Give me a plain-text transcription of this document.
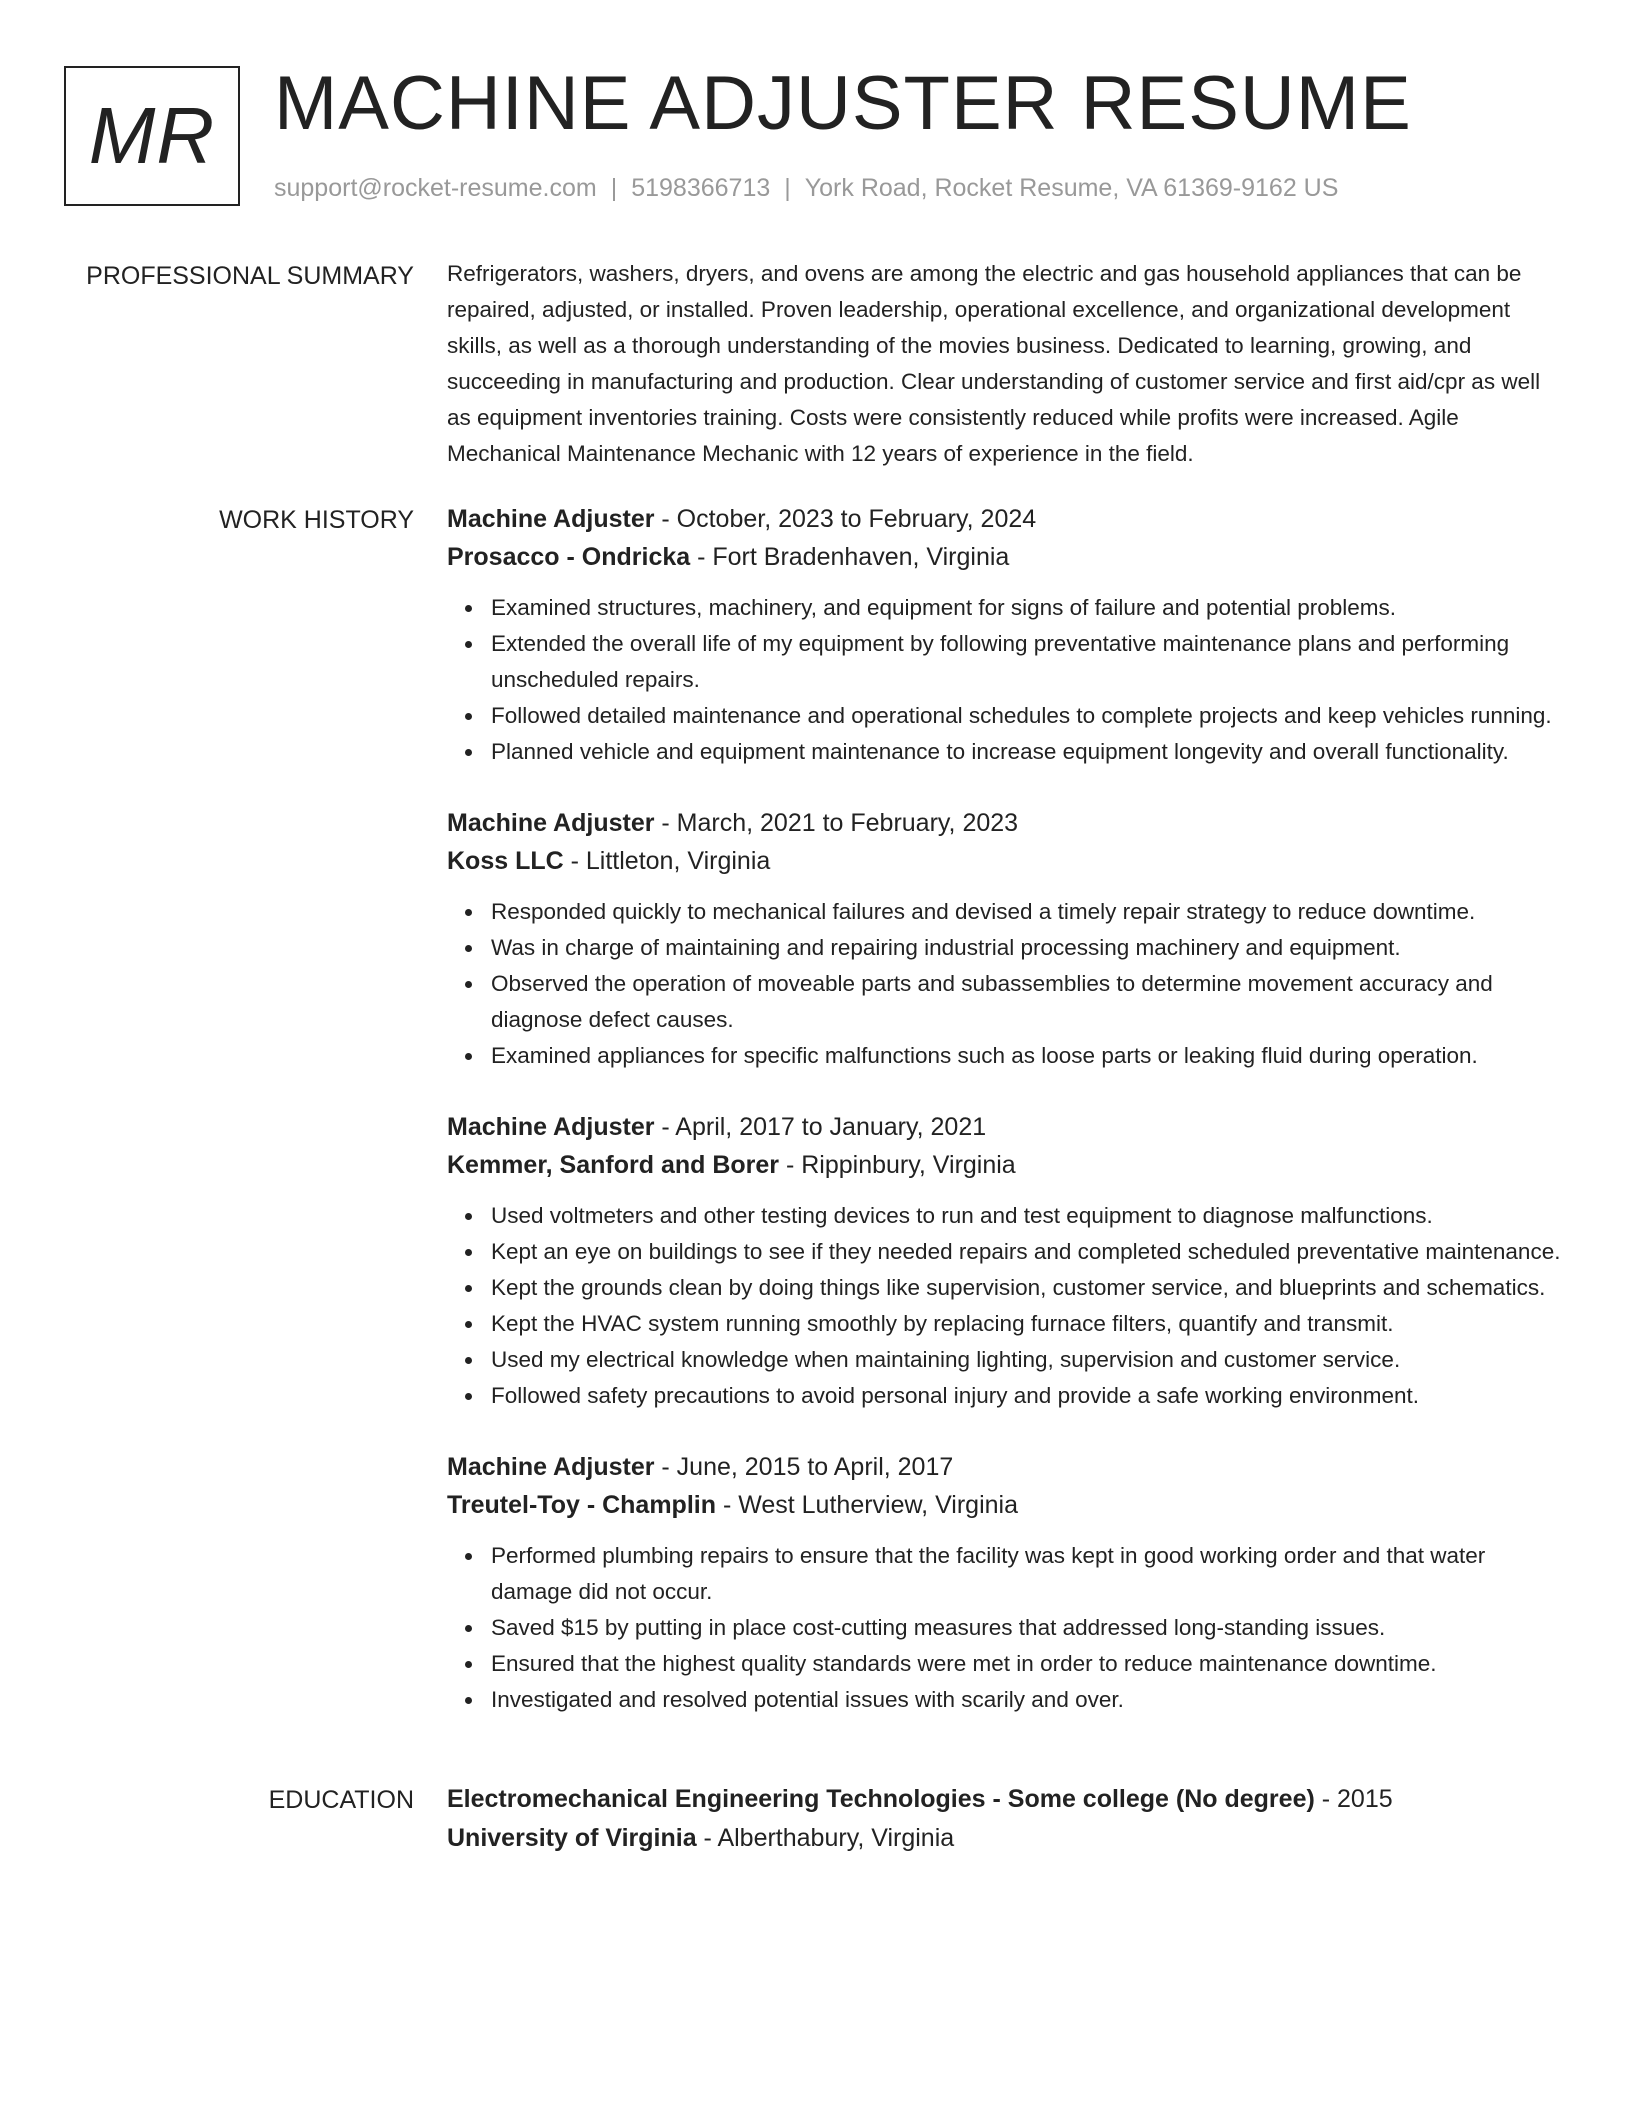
MR MACHINE ADJUSTER RESUME
support@rocket-resume.com | 5198366713 | York Road, Rocket Resume, VA 61369-9162 US
PROFESSIONAL SUMMARY Refrigerators, washers, dryers, and ovens are among the electric and gas household appliances that can be repaired, adjusted, or installed. Proven leadership, operational excellence, and organizational development skills, as well as a thorough understanding of the movies business. Dedicated to learning, growing, and succeeding in manufacturing and production. Clear understanding of customer service and first aid/cpr as well as equipment inventories training. Costs were consistently reduced while profits were increased. Agile Mechanical Maintenance Mechanic with 12 years of experience in the field.

WORK HISTORY Machine Adjuster - October, 2023 to February, 2024
Prosacco - Ondricka - Fort Bradenhaven, Virginia
Examined structures, machinery, and equipment for signs of failure and potential problems.
Extended the overall life of my equipment by following preventative maintenance plans and performing unscheduled repairs.
Followed detailed maintenance and operational schedules to complete projects and keep vehicles running.
Planned vehicle and equipment maintenance to increase equipment longevity and overall functionality.
Machine Adjuster - March, 2021 to February, 2023
Koss LLC - Littleton, Virginia
Responded quickly to mechanical failures and devised a timely repair strategy to reduce downtime.
Was in charge of maintaining and repairing industrial processing machinery and equipment.
Observed the operation of moveable parts and subassemblies to determine movement accuracy and diagnose defect causes.
Examined appliances for specific malfunctions such as loose parts or leaking fluid during operation.
Machine Adjuster - April, 2017 to January, 2021
Kemmer, Sanford and Borer - Rippinbury, Virginia
Used voltmeters and other testing devices to run and test equipment to diagnose malfunctions.
Kept an eye on buildings to see if they needed repairs and completed scheduled preventative maintenance.
Kept the grounds clean by doing things like supervision, customer service, and blueprints and schematics.
Kept the HVAC system running smoothly by replacing furnace filters, quantify and transmit.
Used my electrical knowledge when maintaining lighting, supervision and customer service.
Followed safety precautions to avoid personal injury and provide a safe working environment.
Machine Adjuster - June, 2015 to April, 2017
Treutel-Toy - Champlin - West Lutherview, Virginia
Performed plumbing repairs to ensure that the facility was kept in good working order and that water damage did not occur.
Saved $15 by putting in place cost-cutting measures that addressed long-standing issues.
Ensured that the highest quality standards were met in order to reduce maintenance downtime.
Investigated and resolved potential issues with scarily and over.
EDUCATION Electromechanical Engineering Technologies - Some college (No degree) - 2015
University of Virginia - Alberthabury, Virginia
